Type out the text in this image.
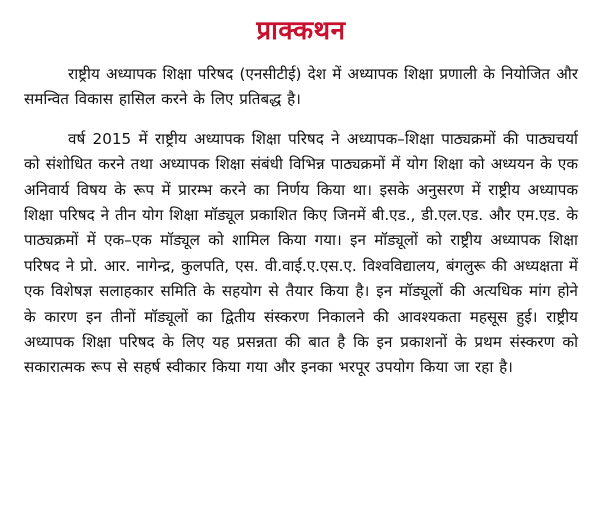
प्राक्कथन

राष्ट्रीय अध्यापक शिक्षा परिषद (एनसीटीई) देश में अध्यापक शिक्षा प्रणाली के नियोजित और समन्वित विकास हासिल करने के लिए प्रतिबद्ध है।

वर्ष 2015 में राष्ट्रीय अध्यापक शिक्षा परिषद ने अध्यापक–शिक्षा पाठ्यक्रमों की पाठ्यचर्या को संशोधित करने तथा अध्यापक शिक्षा संबंधी विभिन्न पाठ्यक्रमों में योग शिक्षा को अध्ययन के एक अनिवार्य विषय के रूप में प्रारम्भ करने का निर्णय किया था। इसके अनुसरण में राष्ट्रीय अध्यापक शिक्षा परिषद ने तीन योग शिक्षा मॉड्यूल प्रकाशित किए जिनमें बी.एड., डी.एल.एड. और एम.एड. के पाठ्यक्रमों में एक–एक मॉड्यूल को शामिल किया गया। इन मॉड्यूलों को राष्ट्रीय अध्यापक शिक्षा परिषद ने प्रो. आर. नागेन्द्र, कुलपति, एस. वी.वाई.ए.एस.ए. विश्वविद्यालय, बंगलुरू की अध्यक्षता में एक विशेषज्ञ सलाहकार समिति के सहयोग से तैयार किया है। इन मॉड्यूलों की अत्यधिक मांग होने के कारण इन तीनों मॉड्यूलों का द्वितीय संस्करण निकालने की आवश्यकता महसूस हुई। राष्ट्रीय अध्यापक शिक्षा परिषद के लिए यह प्रसन्नता की बात है कि इन प्रकाशनों के प्रथम संस्करण को सकारात्मक रूप से सहर्ष स्वीकार किया गया और इनका भरपूर उपयोग किया जा रहा है।
